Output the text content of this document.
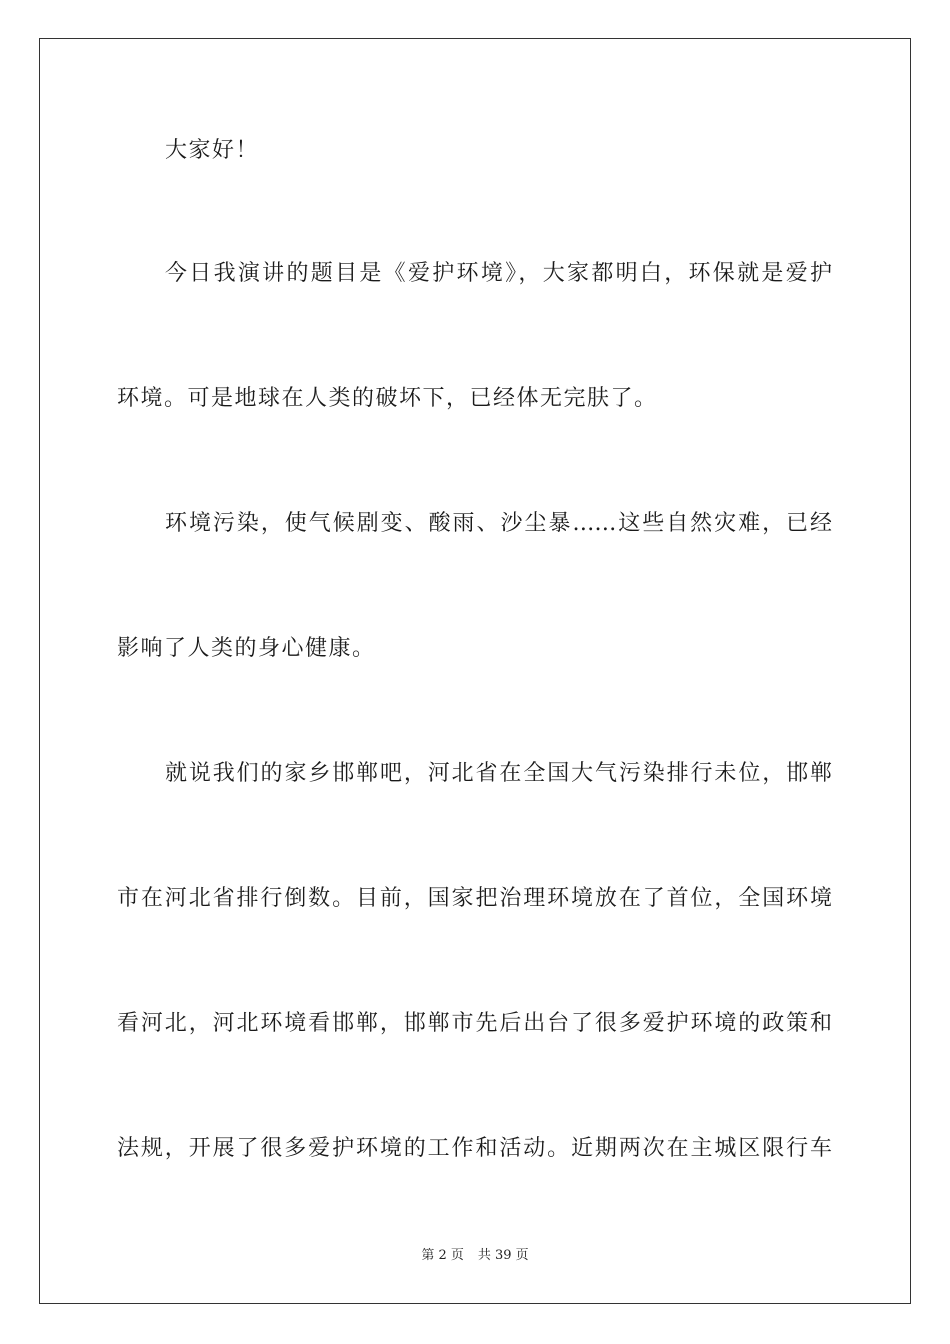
大家好！
今日我演讲的题目是《爱护环境》，大家都明白，环保就是爱护
环境。可是地球在人类的破坏下，已经体无完肤了。
环境污染，使气候剧变、酸雨、沙尘暴……这些自然灾难，已经
影响了人类的身心健康。
就说我们的家乡邯郸吧，河北省在全国大气污染排行未位，邯郸
市在河北省排行倒数。目前，国家把治理环境放在了首位，全国环境
看河北，河北环境看邯郸，邯郸市先后出台了很多爱护环境的政策和
法规，开展了很多爱护环境的工作和活动。近期两次在主城区限行车
第 2 页 共 39 页
